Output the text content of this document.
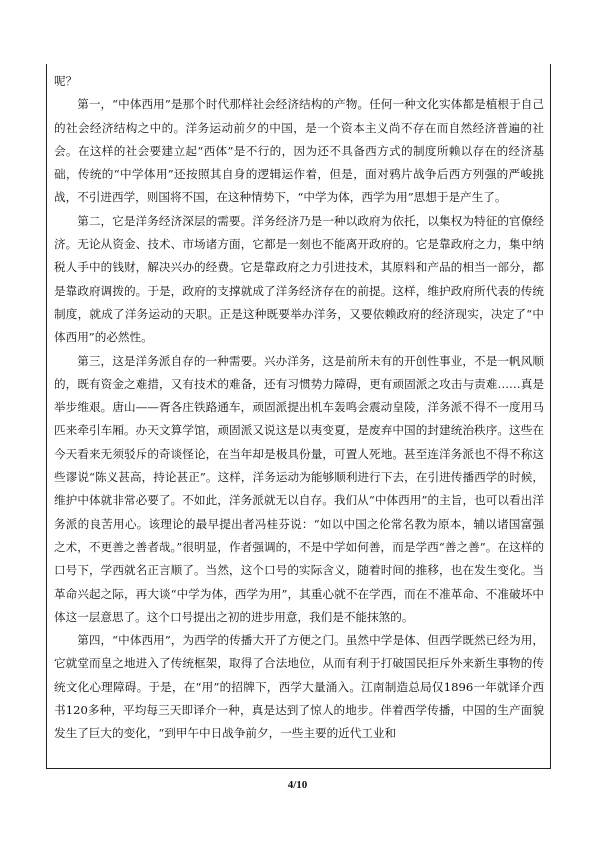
呢？

第一，“中体西用”是那个时代那样社会经济结构的产物。任何一种文化实体都是植根于自己的社会经济结构之中的。洋务运动前夕的中国，是一个资本主义尚不存在而自然经济普遍的社会。在这样的社会要建立起“西体”是不行的，因为还不具备西方式的制度所赖以存在的经济基础，传统的“中学体用”还按照其自身的逻辑运作着，但是，面对鸦片战争后西方列强的严峻挑战，不引进西学，则国将不国，在这种情势下，“中学为体，西学为用”思想于是产生了。

第二，它是洋务经济深层的需要。洋务经济乃是一种以政府为依托，以集权为特征的官僚经济。无论从资金、技术、市场诸方面，它都是一刻也不能离开政府的。它是靠政府之力，集中纳税人手中的钱财，解决兴办的经费。它是靠政府之力引进技术，其原料和产品的相当一部分，都是靠政府调拨的。于是，政府的支撑就成了洋务经济存在的前提。这样，维护政府所代表的传统制度，就成了洋务运动的天职。正是这种既要举办洋务，又要依赖政府的经济现实，决定了“中体西用”的必然性。

第三，这是洋务派自存的一种需要。兴办洋务，这是前所未有的开创性事业，不是一帆风顺的，既有资金之难措，又有技术的难备，还有习惯势力障碍，更有顽固派之攻击与责难……真是举步维艰。唐山——胥各庄铁路通车，顽固派提出机车轰鸣会震动皇陵，洋务派不得不一度用马匹来牵引车厢。办天文算学馆，顽固派又说这是以夷变夏，是废弃中国的封建统治秩序。这些在今天看来无须驳斥的奇谈怪论，在当年却是极具份量，可置人死地。甚至连洋务派也不得不称这些谬说“陈义甚高，持论甚正”。这样，洋务运动为能够顺利进行下去，在引进传播西学的时候，维护中体就非常必要了。不如此，洋务派就无以自存。我们从“中体西用”的主旨，也可以看出洋务派的良苦用心。该理论的最早提出者冯桂芬说：“如以中国之伦常名教为原本，辅以诸国富强之术，不更善之善者哉。”很明显，作者强调的，不是中学如何善，而是学西“善之善”。在这样的口号下，学西就名正言顺了。当然，这个口号的实际含义，随着时间的推移，也在发生变化。当革命兴起之际，再大谈“中学为体，西学为用”，其重心就不在学西，而在不准革命、不准破坏中体这一层意思了。这个口号提出之初的进步用意，我们是不能抹煞的。

第四，“中体西用”，为西学的传播大开了方便之门。虽然中学是体、但西学既然已经为用，它就堂而皇之地进入了传统框架，取得了合法地位，从而有利于打破国民拒斥外来新生事物的传统文化心理障碍。于是，在“用”的招牌下，西学大量涌入。江南制造总局仅1896一年就译介西书120多种，平均每三天即译介一种，真是达到了惊人的地步。伴着西学传播，中国的生产面貌发生了巨大的变化，“到甲午中日战争前夕，一些主要的近代工业和

4/10
